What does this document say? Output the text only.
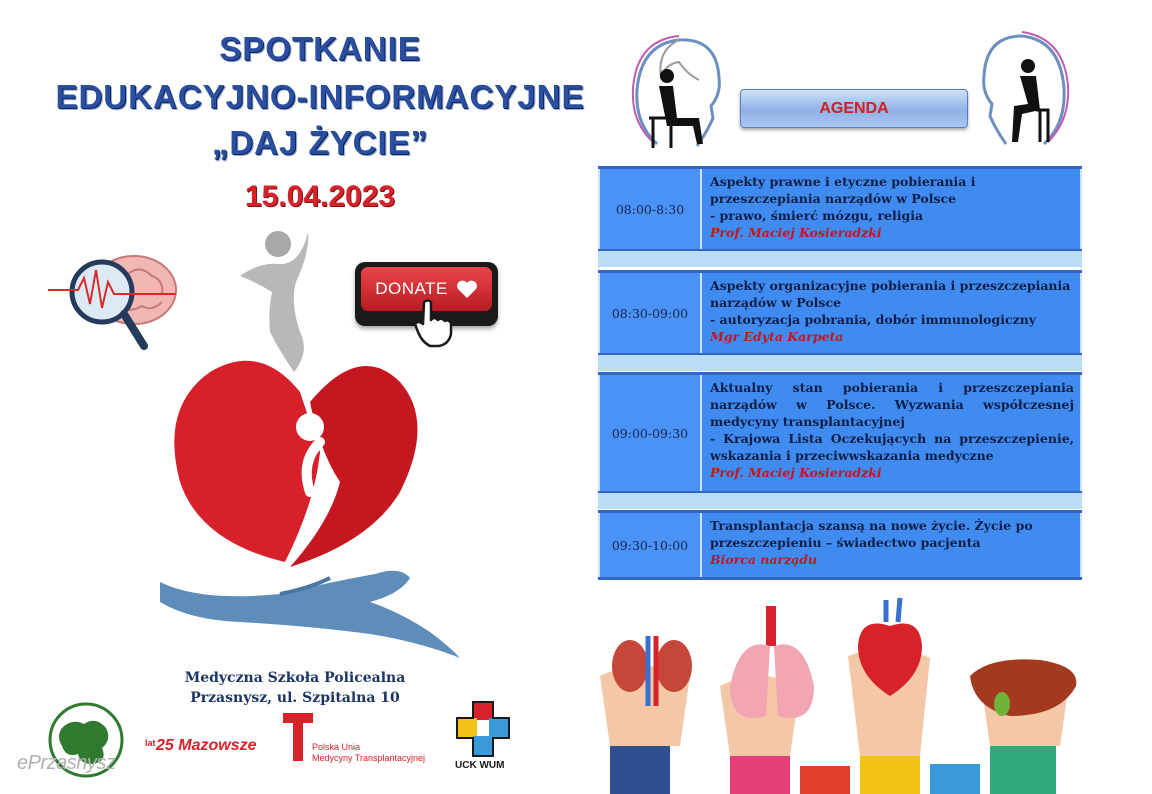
SPOTKANIE
EDUKACYJNO-INFORMACYJNE
„DAJ ŻYCIE”
15.04.2023
DONATE
Medyczna Szkoła Policealna
Przasnysz, ul. Szpitalna 10
ePrzasnysz
lat 25 Mazowsze	Polska Unia
Medycyny Transplantacyjnej
UCK WUM
AGENDA
08:00-8:30
Aspekty prawne i etyczne pobierania i przeszczepiania narządów w Polsce
- prawo, śmierć mózgu, religia
Prof. Maciej Kosieradzki
08:30-09:00
Aspekty organizacyjne pobierania i przeszczepiania narządów w Polsce
- autoryzacja pobrania, dobór immunologiczny
Mgr Edyta Karpeta
09:00-09:30
Aktualny stan pobierania i przeszczepiania narządów w Polsce. Wyzwania współczesnej medycyny transplantacyjnej
- Krajowa Lista Oczekujących na przeszczepienie, wskazania i przeciwwskazania medyczne
Prof. Maciej Kosieradzki
09:30-10:00
Transplantacja szansą na nowe życie. Życie po przeszczepieniu – świadectwo pacjenta
Biorca narządu
